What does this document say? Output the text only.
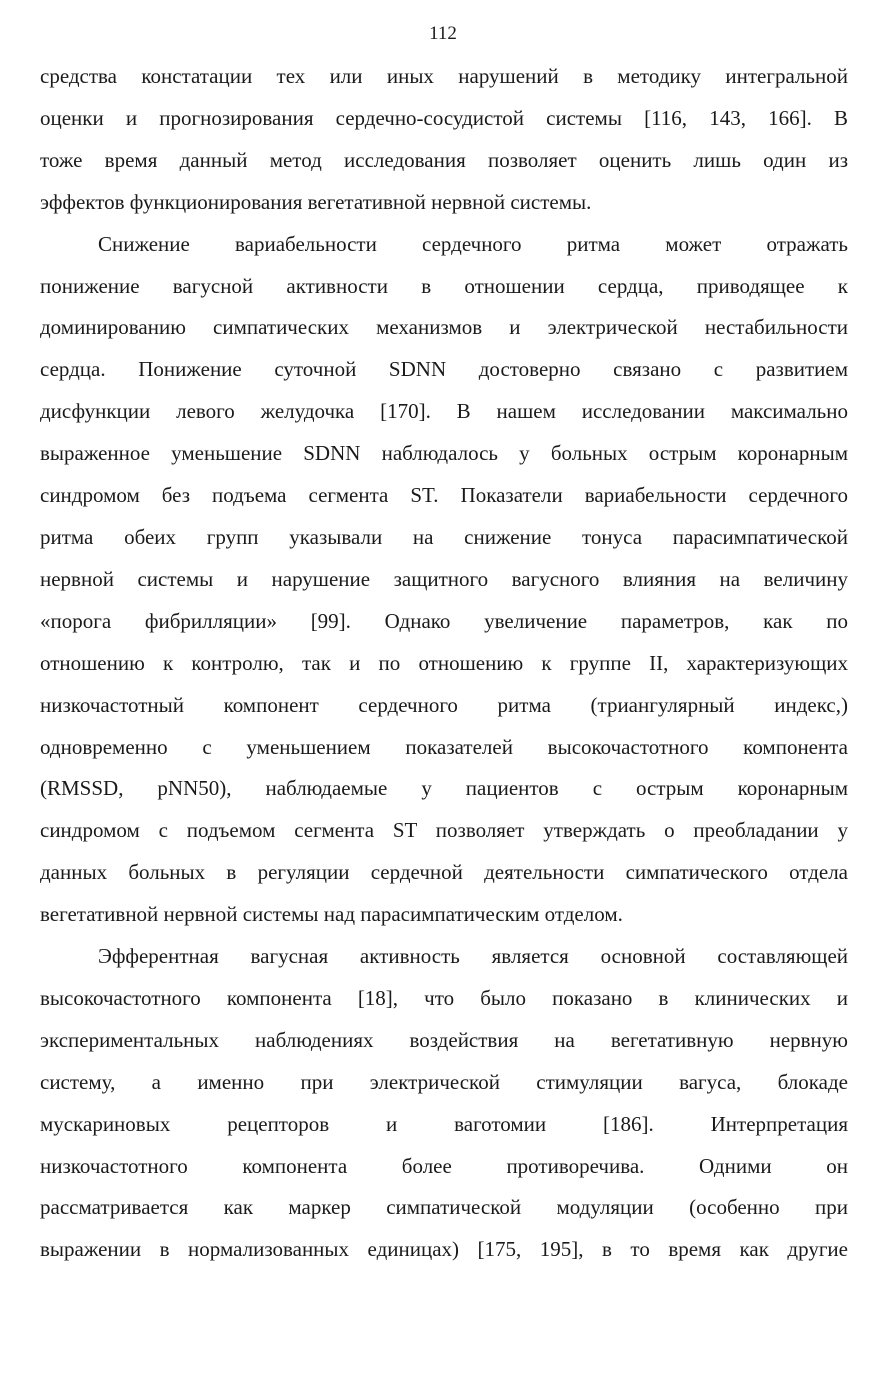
112

средства констатации тех или иных нарушений в методику интегральной

оценки и прогнозирования сердечно-сосудистой системы [116, 143, 166]. В

тоже время данный метод исследования позволяет оценить лишь один из

эффектов функционирования вегетативной нервной системы.

Снижение вариабельности сердечного ритма может отражать

понижение вагусной активности в отношении сердца, приводящее к

доминированию симпатических механизмов и электрической нестабильности

сердца. Понижение суточной SDNN достоверно связано с развитием

дисфункции левого желудочка [170]. В нашем исследовании максимально

выраженное уменьшение SDNN наблюдалось у больных острым коронарным

синдромом без подъема сегмента ST. Показатели вариабельности сердечного

ритма обеих групп указывали на снижение тонуса парасимпатической

нервной системы и нарушение защитного вагусного влияния на величину

«порога фибрилляции» [99]. Однако увеличение параметров, как по

отношению к контролю, так и по отношению к группе II, характеризующих

низкочастотный компонент сердечного ритма (триангулярный индекс,)

одновременно с уменьшением показателей высокочастотного компонента

(RMSSD, pNN50), наблюдаемые у пациентов с острым коронарным

синдромом с подъемом сегмента ST позволяет утверждать о преобладании у

данных больных в регуляции сердечной деятельности симпатического отдела

вегетативной нервной системы над парасимпатическим отделом.

Эфферентная вагусная активность является основной составляющей

высокочастотного компонента [18], что было показано в клинических и

экспериментальных наблюдениях воздействия на вегетативную нервную

систему, а именно при электрической стимуляции вагуса, блокаде

мускариновых рецепторов и ваготомии [186]. Интерпретация

низкочастотного компонента более противоречива. Одними он

рассматривается как маркер симпатической модуляции (особенно при

выражении в нормализованных единицах) [175, 195], в то время как другие
